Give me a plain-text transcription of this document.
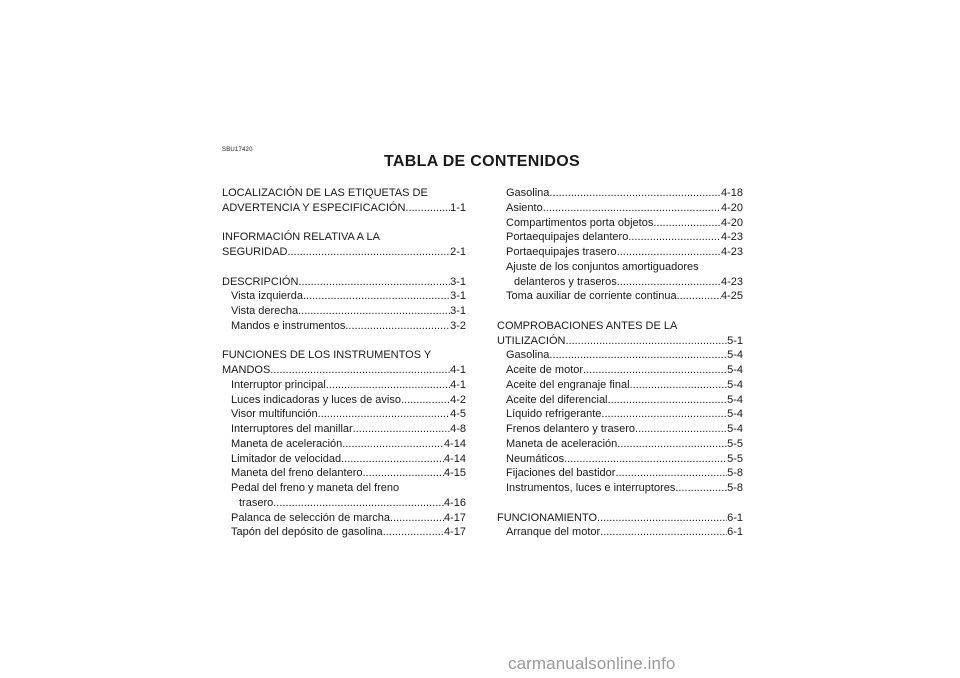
SBU17420
TABLA DE CONTENIDOS
LOCALIZACIÓN DE LAS ETIQUETAS DE
ADVERTENCIA Y ESPECIFICACIÓN .....	1-1
INFORMACIÓN RELATIVA A LA
SEGURIDAD .....	2-1
DESCRIPCIÓN .....	3-1
Vista izquierda .....	3-1
Vista derecha .....	3-1
Mandos e instrumentos .....	3-2
FUNCIONES DE LOS INSTRUMENTOS Y
MANDOS .....	4-1
Interruptor principal .....	4-1
Luces indicadoras y luces de aviso .....	4-2
Visor multifunción .....	4-5
Interruptores del manillar .....	4-8
Maneta de aceleración .....	4-14
Limitador de velocidad .....	4-14
Maneta del freno delantero .....	4-15
Pedal del freno y maneta del freno
trasero .....	4-16
Palanca de selección de marcha .....	4-17
Tapón del depósito de gasolina .....	4-17
Gasolina .....	4-18
Asiento .....	4-20
Compartimentos porta objetos .....	4-20
Portaequipajes delantero .....	4-23
Portaequipajes trasero .....	4-23
Ajuste de los conjuntos amortiguadores
delanteros y traseros .....	4-23
Toma auxiliar de corriente continua .....	4-25
COMPROBACIONES ANTES DE LA
UTILIZACIÓN .....	5-1
Gasolina .....	5-4
Aceite de motor .....	5-4
Aceite del engranaje final .....	5-4
Aceite del diferencial .....	5-4
Líquido refrigerante .....	5-4
Frenos delantero y trasero .....	5-4
Maneta de aceleración .....	5-5
Neumáticos .....	5-5
Fijaciones del bastidor .....	5-8
Instrumentos, luces e interruptores .....	5-8
FUNCIONAMIENTO .....	6-1
Arranque del motor .....	6-1
carmanualsonline.info
